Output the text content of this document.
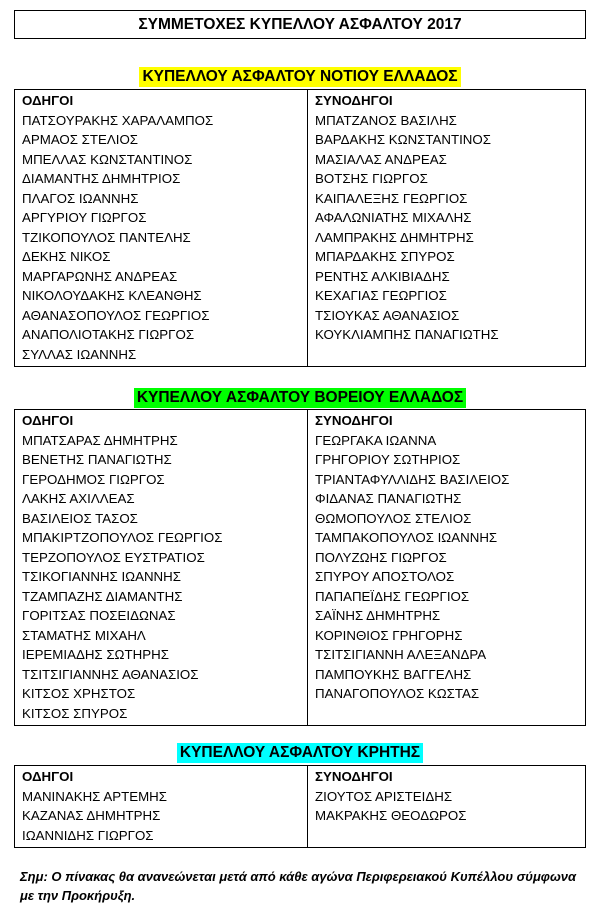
ΣΥΜΜΕΤΟΧΕΣ ΚΥΠΕΛΛΟΥ ΑΣΦΑΛΤΟΥ 2017
ΚΥΠΕΛΛΟΥ ΑΣΦΑΛΤΟΥ ΝΟΤΙΟΥ ΕΛΛΑΔΟΣ
ΟΔΗΓΟΙ
ΠΑΤΣΟΥΡΑΚΗΣ ΧΑΡΑΛΑΜΠΟΣ
ΑΡΜΑΟΣ ΣΤΕΛΙΟΣ
ΜΠΕΛΛΑΣ ΚΩΝΣΤΑΝΤΙΝΟΣ
ΔΙΑΜΑΝΤΗΣ ΔΗΜΗΤΡΙΟΣ
ΠΛΑΓΟΣ ΙΩΑΝΝΗΣ
ΑΡΓΥΡΙΟΥ ΓΙΩΡΓΟΣ
ΤΖΙΚΟΠΟΥΛΟΣ ΠΑΝΤΕΛΗΣ
ΔΕΚΗΣ ΝΙΚΟΣ
ΜΑΡΓΑΡΩΝΗΣ ΑΝΔΡΕΑΣ
ΝΙΚΟΛΟΥΔΑΚΗΣ ΚΛΕΑΝΘΗΣ
ΑΘΑΝΑΣΟΠΟΥΛΟΣ ΓΕΩΡΓΙΟΣ
ΑΝΑΠΟΛΙΟΤΑΚΗΣ ΓΙΩΡΓΟΣ
ΣΥΛΛΑΣ ΙΩΑΝΝΗΣ

ΣΥΝΟΔΗΓΟΙ
ΜΠΑΤΖΑΝΟΣ ΒΑΣΙΛΗΣ
ΒΑΡΔΑΚΗΣ ΚΩΝΣΤΑΝΤΙΝΟΣ
ΜΑΣΙΑΛΑΣ ΑΝΔΡΕΑΣ
ΒΟΤΣΗΣ ΓΙΩΡΓΟΣ
ΚΑΙΠΑΛΕΞΗΣ ΓΕΩΡΓΙΟΣ
ΑΦΑΛΩΝΙΑΤΗΣ ΜΙΧΑΛΗΣ
ΛΑΜΠΡΑΚΗΣ ΔΗΜΗΤΡΗΣ
ΜΠΑΡΔΑΚΗΣ ΣΠΥΡΟΣ
ΡΕΝΤΗΣ ΑΛΚΙΒΙΑΔΗΣ
ΚΕΧΑΓΙΑΣ ΓΕΩΡΓΙΟΣ
ΤΣΙΟΥΚΑΣ ΑΘΑΝΑΣΙΟΣ
ΚΟΥΚΛΙΑΜΠΗΣ ΠΑΝΑΓΙΩΤΗΣ
ΚΥΠΕΛΛΟΥ ΑΣΦΑΛΤΟΥ ΒΟΡΕΙΟΥ ΕΛΛΑΔΟΣ
ΟΔΗΓΟΙ
ΜΠΑΤΣΑΡΑΣ ΔΗΜΗΤΡΗΣ
ΒΕΝΕΤΗΣ ΠΑΝΑΓΙΩΤΗΣ
ΓΕΡΟΔΗΜΟΣ ΓΙΩΡΓΟΣ
ΛΑΚΗΣ ΑΧΙΛΛΕΑΣ
ΒΑΣΙΛΕΙΟΣ ΤΑΣΟΣ
ΜΠΑΚΙΡΤΖΟΠΟΥΛΟΣ ΓΕΩΡΓΙΟΣ
ΤΕΡΖΟΠΟΥΛΟΣ ΕΥΣΤΡΑΤΙΟΣ
ΤΣΙΚΟΓΙΑΝΝΗΣ ΙΩΑΝΝΗΣ
ΤΖΑΜΠΑΖΗΣ ΔΙΑΜΑΝΤΗΣ
ΓΟΡΙΤΣΑΣ ΠΟΣΕΙΔΩΝΑΣ
ΣΤΑΜΑΤΗΣ ΜΙΧΑΗΛ
ΙΕΡΕΜΙΑΔΗΣ ΣΩΤΗΡΗΣ
ΤΣΙΤΣΙΓΙΑΝΝΗΣ ΑΘΑΝΑΣΙΟΣ
ΚΙΤΣΟΣ ΧΡΗΣΤΟΣ
ΚΙΤΣΟΣ ΣΠΥΡΟΣ

ΣΥΝΟΔΗΓΟΙ
ΓΕΩΡΓΑΚΑ ΙΩΑΝΝΑ
ΓΡΗΓΟΡΙΟΥ ΣΩΤΗΡΙΟΣ
ΤΡΙΑΝΤΑΦΥΛΛΙΔΗΣ ΒΑΣΙΛΕΙΟΣ
ΦΙΔΑΝΑΣ ΠΑΝΑΓΙΩΤΗΣ
ΘΩΜΟΠΟΥΛΟΣ ΣΤΕΛΙΟΣ
ΤΑΜΠΑΚΟΠΟΥΛΟΣ ΙΩΑΝΝΗΣ
ΠΟΛΥΖΩΗΣ ΓΙΩΡΓΟΣ
ΣΠΥΡΟΥ ΑΠΟΣΤΟΛΟΣ
ΠΑΠΑΠΕΪΔΗΣ ΓΕΩΡΓΙΟΣ
ΣΑΪΝΗΣ ΔΗΜΗΤΡΗΣ
ΚΟΡΙΝΘΙΟΣ ΓΡΗΓΟΡΗΣ
ΤΣΙΤΣΙΓΙΑΝΝΗ ΑΛΕΞΑΝΔΡΑ
ΠΑΜΠΟΥΚΗΣ ΒΑΓΓΕΛΗΣ
ΠΑΝΑΓΟΠΟΥΛΟΣ ΚΩΣΤΑΣ
ΚΥΠΕΛΛΟΥ ΑΣΦΑΛΤΟΥ ΚΡΗΤΗΣ
ΟΔΗΓΟΙ
ΜΑΝΙΝΑΚΗΣ ΑΡΤΕΜΗΣ
ΚΑΖΑΝΑΣ ΔΗΜΗΤΡΗΣ
ΙΩΑΝΝΙΔΗΣ ΓΙΩΡΓΟΣ

ΣΥΝΟΔΗΓΟΙ
ΖΙΟΥΤΟΣ ΑΡΙΣΤΕΙΔΗΣ
ΜΑΚΡΑΚΗΣ ΘΕΟΔΩΡΟΣ
Σημ: Ο πίνακας θα ανανεώνεται μετά από κάθε αγώνα Περιφερειακού Κυπέλλου σύμφωνα με την Προκήρυξη.
